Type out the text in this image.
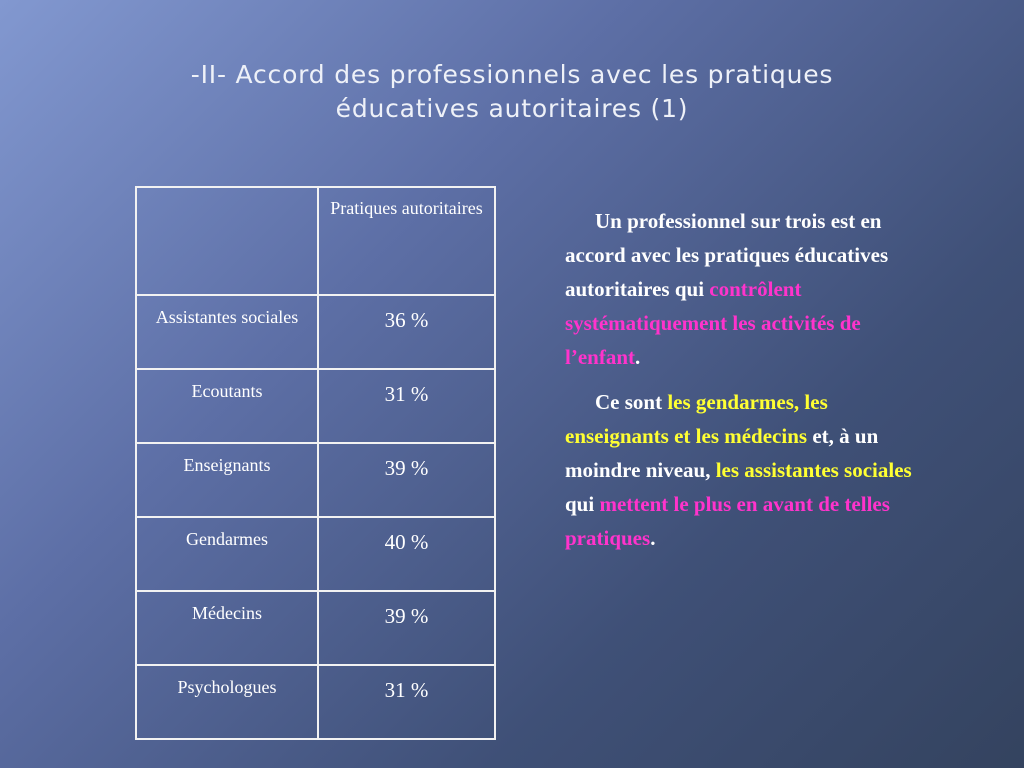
-II- Accord des professionnels avec les pratiques éducatives autoritaires (1)
	Pratiques autoritaires
Assistantes sociales	36 %
Ecoutants	31 %
Enseignants	39 %
Gendarmes	40 %
Médecins	39 %
Psychologues	31 %

Un professionnel sur trois est en accord avec les pratiques éducatives autoritaires qui contrôlent systématiquement les activités de l’enfant.

Ce sont les gendarmes, les enseignants et les médecins et, à un moindre niveau, les assistantes sociales qui mettent le plus en avant de telles pratiques.
